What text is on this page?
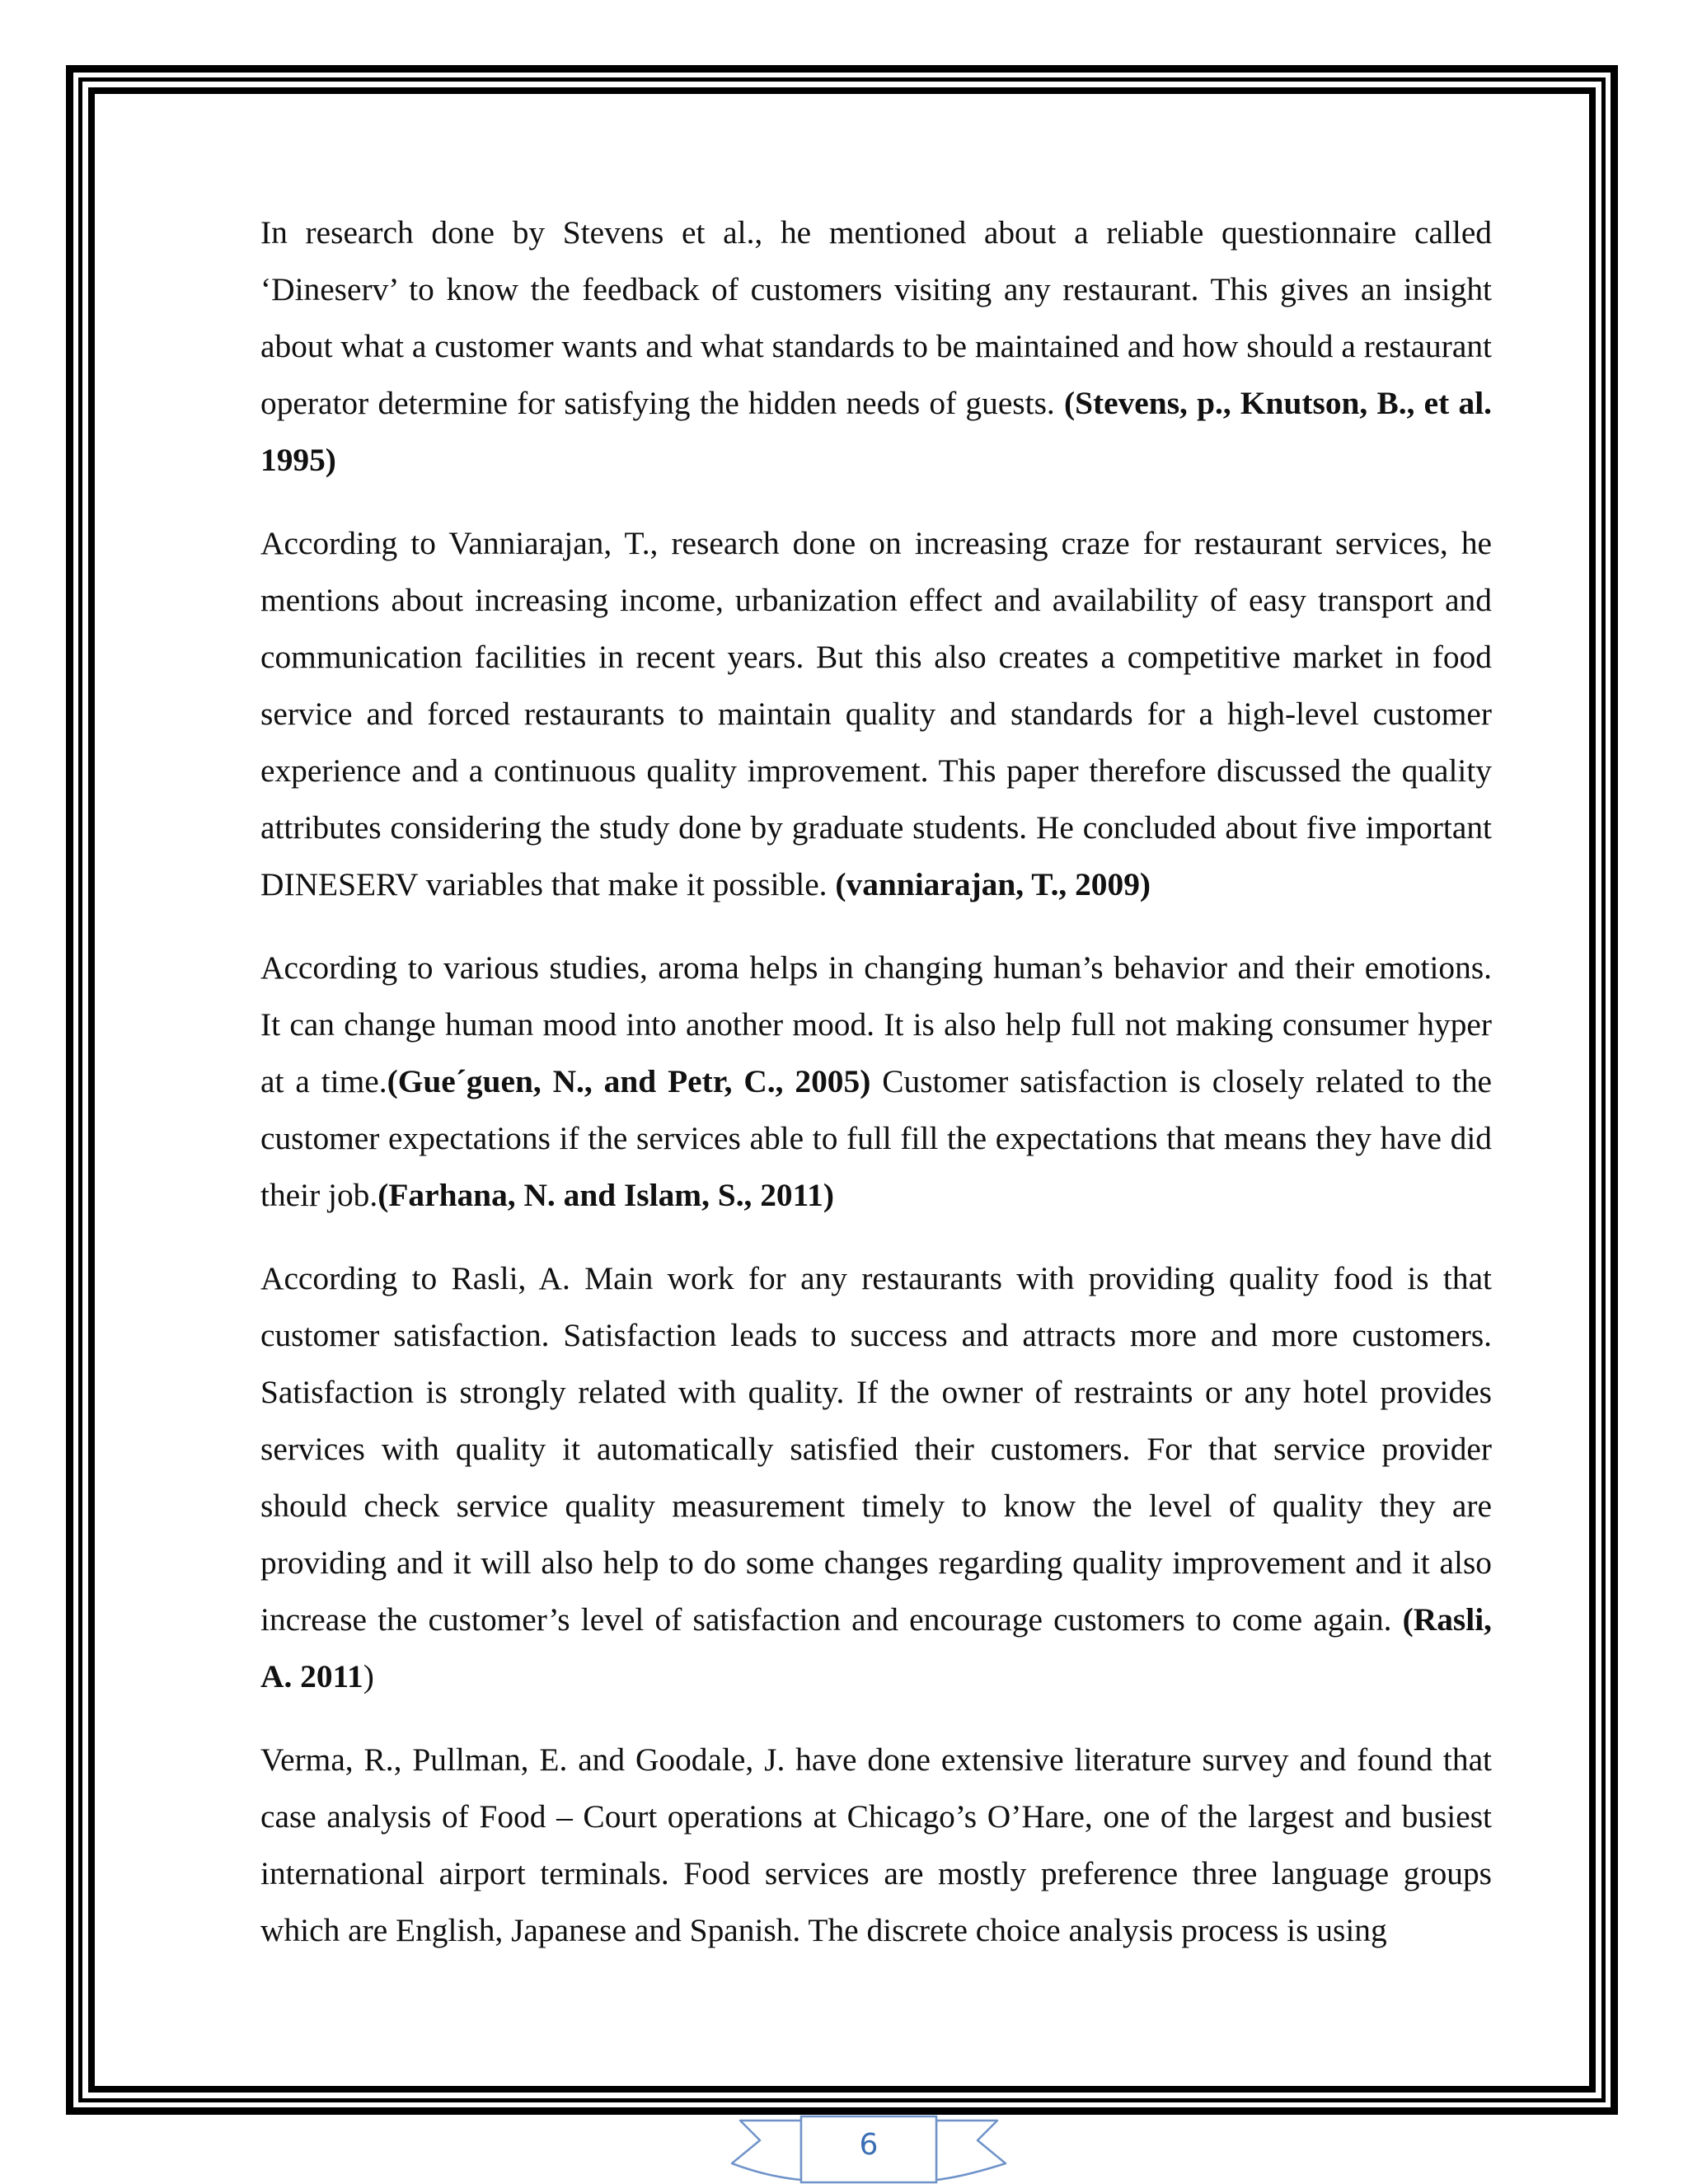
In research done by Stevens et al., he mentioned about a reliable questionnaire called ‘Dineserv’ to know the feedback of customers visiting any restaurant. This gives an insight about what a customer wants and what standards to be maintained and how should a restaurant operator determine for satisfying the hidden needs of guests. (Stevens, p., Knutson, B., et al. 1995)

According to Vanniarajan, T., research done on increasing craze for restaurant services, he mentions about increasing income, urbanization effect and availability of easy transport and communication facilities in recent years. But this also creates a competitive market in food service and forced restaurants to maintain quality and standards for a high-level customer experience and a continuous quality improvement. This paper therefore discussed the quality attributes considering the study done by graduate students. He concluded about five important DINESERV variables that make it possible. (vanniarajan, T., 2009)

According to various studies, aroma helps in changing human’s behavior and their emotions. It can change human mood into another mood. It is also help full not making consumer hyper at a time.(Gue´guen, N., and Petr, C., 2005) Customer satisfaction is closely related to the customer expectations if the services able to full fill the expectations that means they have did their job.(Farhana, N. and Islam, S., 2011)

According to Rasli, A. Main work for any restaurants with providing quality food is that customer satisfaction. Satisfaction leads to success and attracts more and more customers. Satisfaction is strongly related with quality. If the owner of restraints or any hotel provides services with quality it automatically satisfied their customers. For that service provider should check service quality measurement timely to know the level of quality they are providing and it will also help to do some changes regarding quality improvement and it also increase the customer’s level of satisfaction and encourage customers to come again. (Rasli, A. 2011)

Verma, R., Pullman, E. and Goodale, J. have done extensive literature survey and found that case analysis of Food – Court operations at Chicago’s O’Hare, one of the largest and busiest international airport terminals. Food services are mostly preference three language groups which are English, Japanese and Spanish. The discrete choice analysis process is using

6
